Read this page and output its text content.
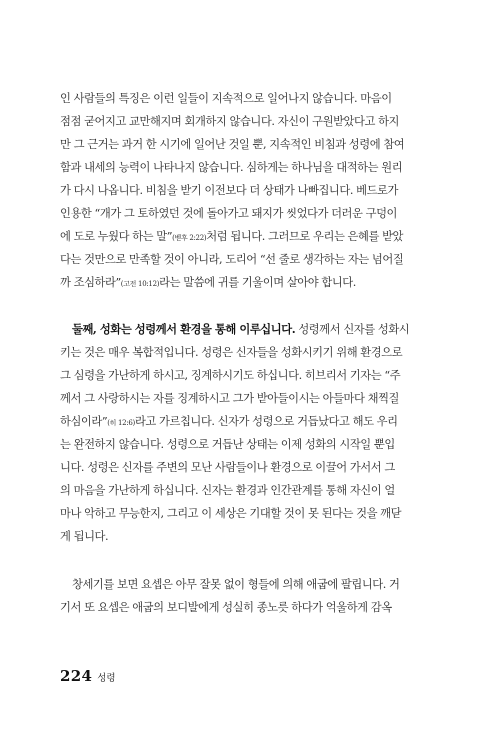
인 사람들의 특징은 이런 일들이 지속적으로 일어나지 않습니다. 마음이
점점 굳어지고 교만해지며 회개하지 않습니다. 자신이 구원받았다고 하지
만 그 근거는 과거 한 시기에 일어난 것일 뿐, 지속적인 비침과 성령에 참여
함과 내세의 능력이 나타나지 않습니다. 심하게는 하나님을 대적하는 원리
가 다시 나옵니다. 비침을 받기 이전보다 더 상태가 나빠집니다. 베드로가
인용한 “개가 그 토하였던 것에 돌아가고 돼지가 씻었다가 더러운 구덩이
에 도로 누웠다 하는 말”(벧후 2:22)처럼 됩니다. 그러므로 우리는 은혜를 받았
다는 것만으로 만족할 것이 아니라, 도리어 “선 줄로 생각하는 자는 넘어질
까 조심하라”(고전 10:12)라는 말씀에 귀를 기울이며 살아야 합니다.
둘째, 성화는 성령께서 환경을 통해 이루십니다. 성령께서 신자를 성화시
키는 것은 매우 복합적입니다. 성령은 신자들을 성화시키기 위해 환경으로
그 심령을 가난하게 하시고, 징계하시기도 하십니다. 히브리서 기자는 “주
께서 그 사랑하시는 자를 징계하시고 그가 받아들이시는 아들마다 채찍질
하심이라”(히 12:6)라고 가르칩니다. 신자가 성령으로 거듭났다고 해도 우리
는 완전하지 않습니다. 성령으로 거듭난 상태는 이제 성화의 시작일 뿐입
니다. 성령은 신자를 주변의 모난 사람들이나 환경으로 이끌어 가서서 그
의 마음을 가난하게 하십니다. 신자는 환경과 인간관계를 통해 자신이 얼
마나 악하고 무능한지, 그리고 이 세상은 기대할 것이 못 된다는 것을 깨닫
게 됩니다.
창세기를 보면 요셉은 아무 잘못 없이 형들에 의해 애굽에 팔립니다. 거
기서 또 요셉은 애굽의 보디발에게 성실히 종노릇 하다가 억울하게 감옥
224 성령
